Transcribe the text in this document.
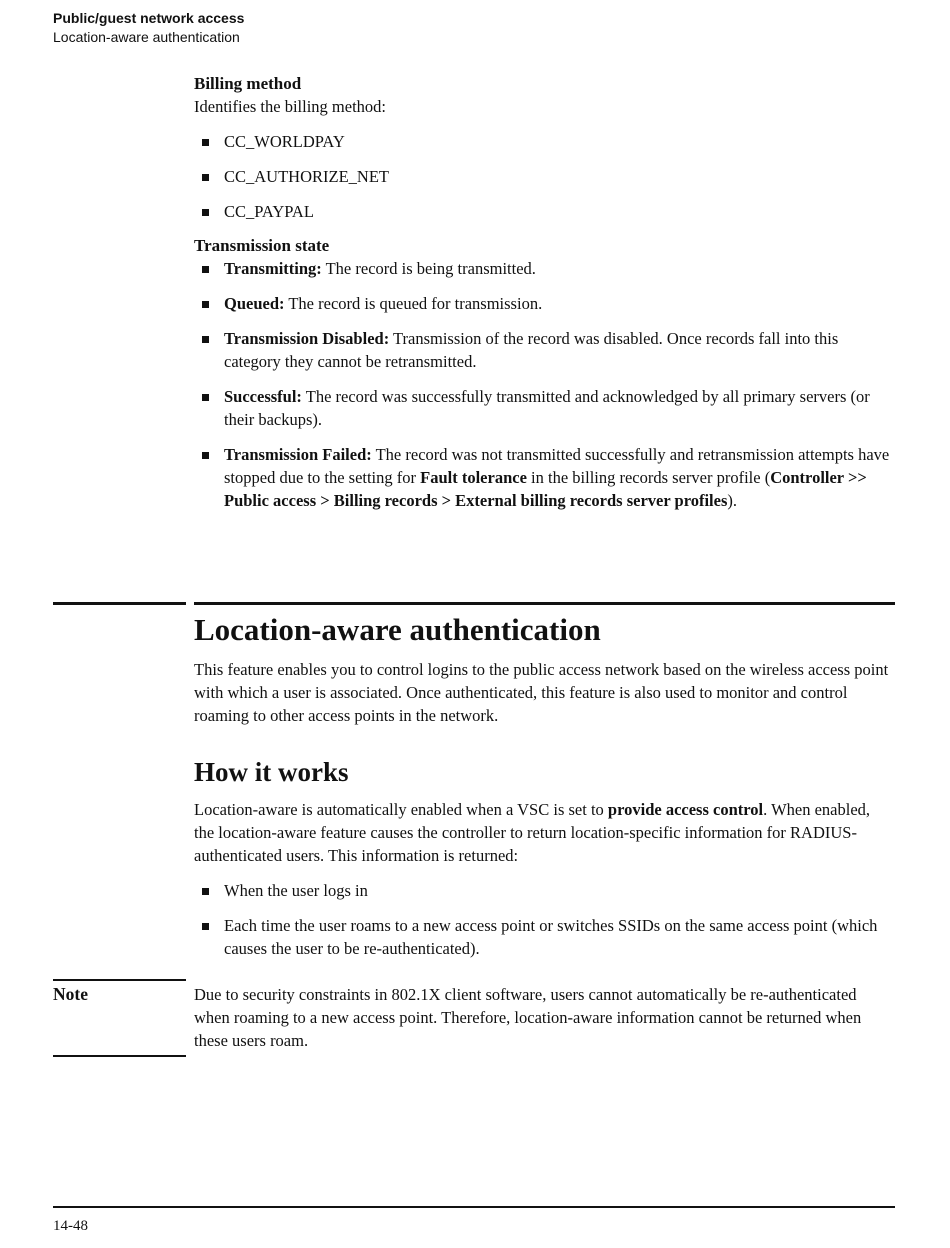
Public/guest network access
Location-aware authentication
Billing method
Identifies the billing method:
CC_WORLDPAY
CC_AUTHORIZE_NET
CC_PAYPAL
Transmission state
Transmitting: The record is being transmitted.
Queued: The record is queued for transmission.
Transmission Disabled: Transmission of the record was disabled. Once records fall into this category they cannot be retransmitted.
Successful: The record was successfully transmitted and acknowledged by all primary servers (or their backups).
Transmission Failed: The record was not transmitted successfully and retransmission attempts have stopped due to the setting for Fault tolerance in the billing records server profile (Controller >> Public access > Billing records > External billing records server profiles).
Location-aware authentication
This feature enables you to control logins to the public access network based on the wireless access point with which a user is associated. Once authenticated, this feature is also used to monitor and control roaming to other access points in the network.
How it works
Location-aware is automatically enabled when a VSC is set to provide access control. When enabled, the location-aware feature causes the controller to return location-specific information for RADIUS-authenticated users. This information is returned:
When the user logs in
Each time the user roams to a new access point or switches SSIDs on the same access point (which causes the user to be re-authenticated).
Note	Due to security constraints in 802.1X client software, users cannot automatically be re-authenticated when roaming to a new access point. Therefore, location-aware information cannot be returned when these users roam.
14-48
